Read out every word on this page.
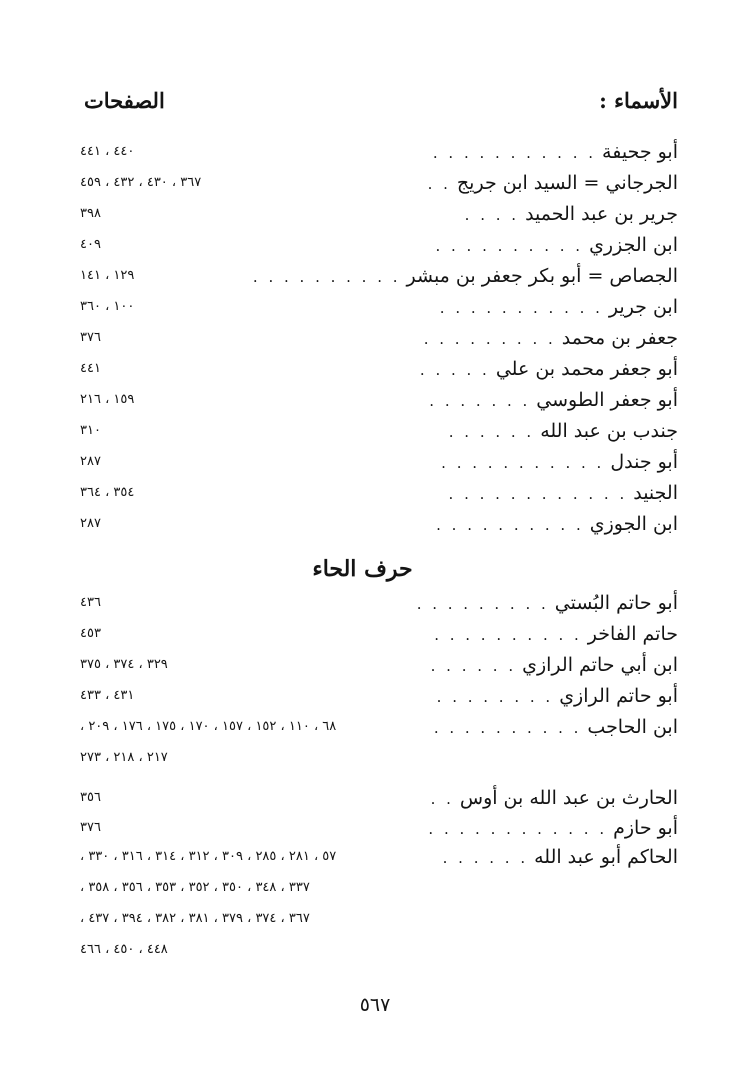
الأسماء :
الصفحات
أبو جحيفة
. . . . . . . . . . .
٤٤٠ ، ٤٤١
الجرجاني = السيد ابن جريج
. .
٣٦٧ ، ٤٣٠ ، ٤٣٢ ، ٤٥٩
جرير بن عبد الحميد
. . . .
٣٩٨
ابن الجزري
. . . . . . . . . .
٤٠٩
الجصاص = أبو بكر جعفر بن مبشر
. . . . . . . . . .
١٢٩ ، ١٤١
ابن جرير
. . . . . . . . . . .
١٠٠ ، ٣٦٠
جعفر بن محمد
. . . . . . . . .
٣٧٦
أبو جعفر محمد بن علي
. . . . .
٤٤١
أبو جعفر الطوسي
. . . . . . .
١٥٩ ، ٢١٦
جندب بن عبد الله
. . . . . .
٣١٠
أبو جندل
. . . . . . . . . . .
٢٨٧
الجنيد
. . . . . . . . . . . .
٣٥٤ ، ٣٦٤
ابن الجوزي
. . . . . . . . . .
٢٨٧
أبو حاتم البُستي
. . . . . . . . .
٤٣٦
حاتم الفاخر
. . . . . . . . . .
٤٥٣
ابن أبي حاتم الرازي
. . . . . .
٣٢٩ ، ٣٧٤ ، ٣٧٥
أبو حاتم الرازي
. . . . . . . .
٤٣١ ، ٤٣٣
ابن الحاجب
. . . . . . . . . .
٦٨ ، ١١٠ ، ١٥٢ ، ١٥٧ ، ١٧٠ ، ١٧٥ ، ١٧٦ ، ٢٠٩ ،
٢١٧ ، ٢١٨ ، ٢٧٣
الحارث بن عبد الله بن أوس
. .
٣٥٦
أبو حازم
. . . . . . . . . . . .
٣٧٦
الحاكم أبو عبد الله
. . . . . .
٥٧ ، ٢٨١ ، ٢٨٥ ، ٣٠٩ ، ٣١٢ ، ٣١٤ ، ٣١٦ ، ٣٣٠ ،
٣٣٧ ، ٣٤٨ ، ٣٥٠ ، ٣٥٢ ، ٣٥٣ ، ٣٥٦ ، ٣٥٨ ،
٣٦٧ ، ٣٧٤ ، ٣٧٩ ، ٣٨١ ، ٣٨٢ ، ٣٩٤ ، ٤٣٧ ،
٤٤٨ ، ٤٥٠ ، ٤٦٦
حرف الحاء
٥٦٧
